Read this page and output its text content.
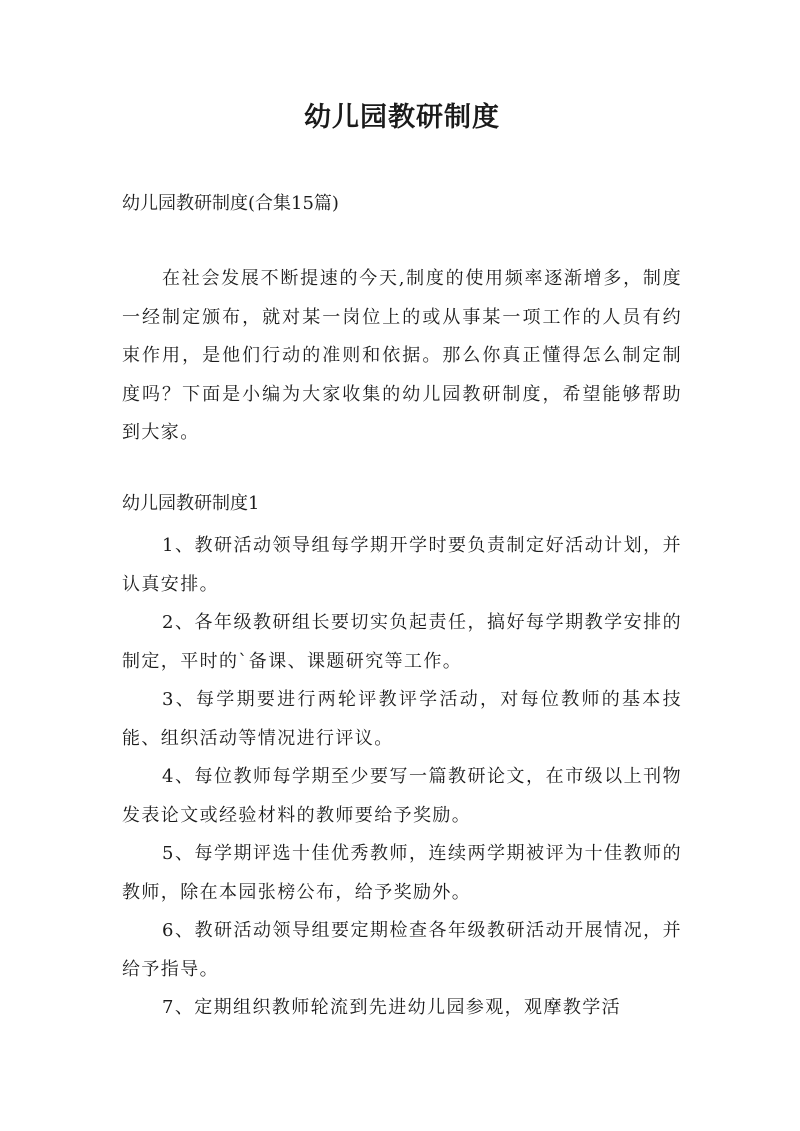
幼儿园教研制度

幼儿园教研制度(合集15篇)

在社会发展不断提速的今天,制度的使用频率逐渐增多，制度一经制定颁布，就对某一岗位上的或从事某一项工作的人员有约束作用，是他们行动的准则和依据。那么你真正懂得怎么制定制度吗？下面是小编为大家收集的幼儿园教研制度，希望能够帮助到大家。

幼儿园教研制度1

1、教研活动领导组每学期开学时要负责制定好活动计划，并认真安排。

2、各年级教研组长要切实负起责任，搞好每学期教学安排的制定，平时的`备课、课题研究等工作。

3、每学期要进行两轮评教评学活动，对每位教师的基本技能、组织活动等情况进行评议。

4、每位教师每学期至少要写一篇教研论文，在市级以上刊物发表论文或经验材料的教师要给予奖励。

5、每学期评选十佳优秀教师，连续两学期被评为十佳教师的教师，除在本园张榜公布，给予奖励外。

6、教研活动领导组要定期检查各年级教研活动开展情况，并给予指导。

7、定期组织教师轮流到先进幼儿园参观，观摩教学活
